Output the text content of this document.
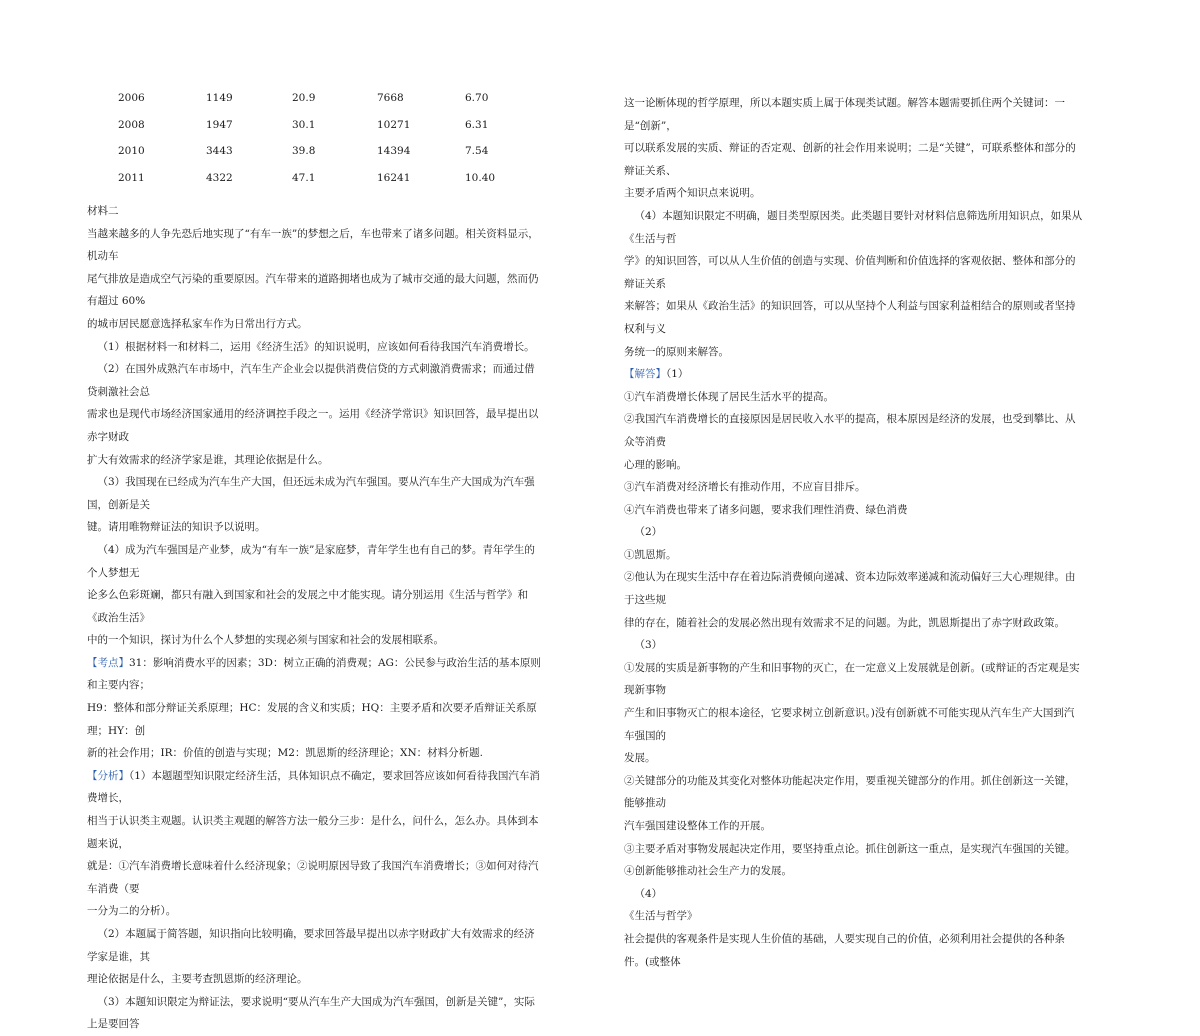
2006	1149	20.9	7668	6.70
2008	1947	30.1	10271	6.31
2010	3443	39.8	14394	7.54
2011	4322	47.1	16241	10.40

材料二

当越来越多的人争先恐后地实现了“有车一族”的梦想之后，车也带来了诸多问题。相关资料显示，机动车

尾气排放是造成空气污染的重要原因。汽车带来的道路拥堵也成为了城市交通的最大问题，然而仍有超过 60%

的城市居民愿意选择私家车作为日常出行方式。

（1）根据材料一和材料二，运用《经济生活》的知识说明，应该如何看待我国汽车消费增长。

（2）在国外成熟汽车市场中，汽车生产企业会以提供消费信贷的方式刺激消费需求；而通过借贷刺激社会总

需求也是现代市场经济国家通用的经济调控手段之一。运用《经济学常识》知识回答，最早提出以赤字财政

扩大有效需求的经济学家是谁，其理论依据是什么。

（3）我国现在已经成为汽车生产大国，但还远未成为汽车强国。要从汽车生产大国成为汽车强国，创新是关

键。请用唯物辩证法的知识予以说明。

（4）成为汽车强国是产业梦，成为“有车一族”是家庭梦，青年学生也有自己的梦。青年学生的个人梦想无

论多么色彩斑斓，都只有融入到国家和社会的发展之中才能实现。请分别运用《生活与哲学》和《政治生活》

中的一个知识，探讨为什么个人梦想的实现必须与国家和社会的发展相联系。

【考点】31：影响消费水平的因素；3D：树立正确的消费观；AG：公民参与政治生活的基本原则和主要内容；

H9：整体和部分辩证关系原理；HC：发展的含义和实质；HQ：主要矛盾和次要矛盾辩证关系原理；HY：创

新的社会作用；IR：价值的创造与实现；M2：凯恩斯的经济理论；XN：材料分析题.

【分析】（1）本题题型知识限定经济生活，具体知识点不确定，要求回答应该如何看待我国汽车消费增长，

相当于认识类主观题。认识类主观题的解答方法一般分三步：是什么，问什么，怎么办。具体到本题来说，

就是：①汽车消费增长意味着什么经济现象；②说明原因导致了我国汽车消费增长；③如何对待汽车消费（要

一分为二的分析）。

（2）本题属于简答题，知识指向比较明确，要求回答最早提出以赤字财政扩大有效需求的经济学家是谁，其

理论依据是什么，主要考查凯恩斯的经济理论。

（3）本题知识限定为辩证法，要求说明“要从汽车生产大国成为汽车强国，创新是关键”，实际上是要回答

这一论断体现的哲学原理，所以本题实质上属于体现类试题。解答本题需要抓住两个关键词：一是“创新”，

可以联系发展的实质、辩证的否定观、创新的社会作用来说明；二是“关键”，可联系整体和部分的辩证关系、

主要矛盾两个知识点来说明。

（4）本题知识限定不明确，题目类型原因类。此类题目要针对材料信息筛选所用知识点，如果从《生活与哲

学》的知识回答，可以从人生价值的创造与实现、价值判断和价值选择的客观依据、整体和部分的辩证关系

来解答；如果从《政治生活》的知识回答，可以从坚持个人利益与国家利益相结合的原则或者坚持权利与义

务统一的原则来解答。

【解答】（1）

①汽车消费增长体现了居民生活水平的提高。

②我国汽车消费增长的直接原因是居民收入水平的提高，根本原因是经济的发展，也受到攀比、从众等消费

心理的影响。

③汽车消费对经济增长有推动作用，不应盲目排斥。

④汽车消费也带来了诸多问题，要求我们理性消费、绿色消费

（2）

①凯恩斯。

②他认为在现实生活中存在着边际消费倾向递减、资本边际效率递减和流动偏好三大心理规律。由于这些规

律的存在，随着社会的发展必然出现有效需求不足的问题。为此，凯恩斯提出了赤字财政政策。

（3）

①发展的实质是新事物的产生和旧事物的灭亡，在一定意义上发展就是创新。(或辩证的否定观是实现新事物

产生和旧事物灭亡的根本途径，它要求树立创新意识。)没有创新就不可能实现从汽车生产大国到汽车强国的

发展。

②关键部分的功能及其变化对整体功能起决定作用，要重视关键部分的作用。抓住创新这一关键，能够推动

汽车强国建设整体工作的开展。

③主要矛盾对事物发展起决定作用，要坚持重点论。抓住创新这一重点，是实现汽车强国的关键。

④创新能够推动社会生产力的发展。

（4）

《生活与哲学》

社会提供的客观条件是实现人生价值的基础，人要实现自己的价值，必须利用社会提供的各种条件。(或整体
